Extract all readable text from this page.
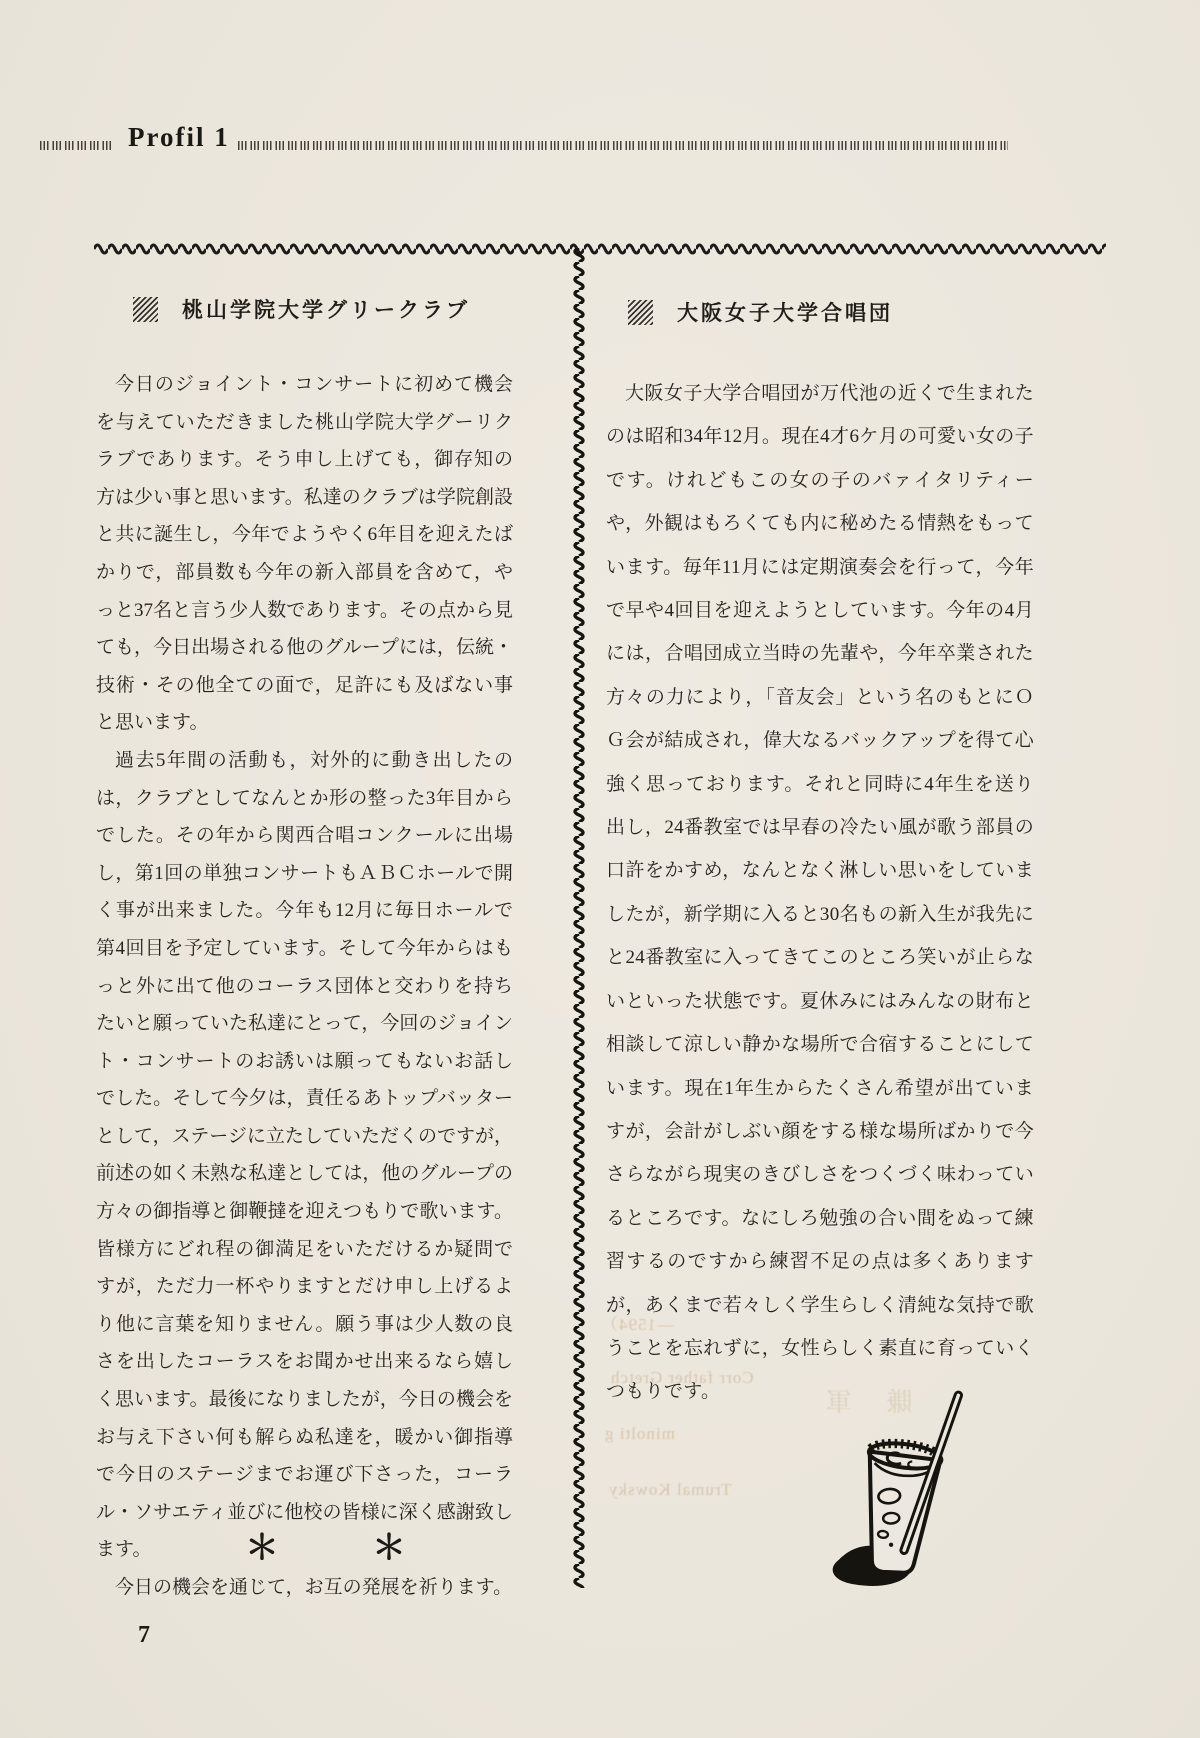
Profil 1
—1594）
Corr father Gretch
minolti g
Trumal Kowsky
賺 軍
桃山学院大学グリークラブ

今日のジョイント・コンサートに初めて機会を与えていただきました桃山学院大学グーリクラブであります。そう申し上げても，御存知の方は少い事と思います。私達のクラブは学院創設と共に誕生し，今年でようやく6年目を迎えたばかりで，部員数も今年の新入部員を含めて，やっと37名と言う少人数であります。その点から見ても，今日出場される他のグループには，伝統・技術・その他全ての面で，足許にも及ばない事と思います。

過去5年間の活動も，対外的に動き出したのは，クラブとしてなんとか形の整った3年目からでした。その年から関西合唱コンクールに出場し，第1回の単独コンサートもＡＢＣホールで開く事が出来ました。今年も12月に毎日ホールで第4回目を予定しています。そして今年からはもっと外に出て他のコーラス団体と交わりを持ちたいと願っていた私達にとって，今回のジョイント・コンサートのお誘いは願ってもないお話しでした。そして今夕は，責任るあトップバッターとして，ステージに立たしていただくのですが，前述の如く未熟な私達としては，他のグループの方々の御指導と御鞭撻を迎えつもりで歌います。皆様方にどれ程の御満足をいただけるか疑問ですが，ただ力一杯やりますとだけ申し上げるより他に言葉を知りません。願う事は少人数の良さを出したコーラスをお聞かせ出来るなら嬉しく思います。最後になりましたが，今日の機会をお与え下さい何も解らぬ私達を，暖かい御指導で今日のステージまでお運び下さった，コーラル・ソサエティ並びに他校の皆様に深く感謝致します。

今日の機会を通じて，お互の発展を祈ります。

＊	＊
大阪女子大学合唱団

大阪女子大学合唱団が万代池の近くで生まれたのは昭和34年12月。現在4才6ケ月の可愛い女の子です。けれどもこの女の子のバァイタリティーや，外観はもろくても内に秘めたる情熱をもっています。毎年11月には定期演奏会を行って，今年で早や4回目を迎えようとしています。今年の4月には，合唱団成立当時の先輩や，今年卒業された方々の力により，「音友会」という名のもとにＯＧ会が結成され，偉大なるバックアップを得て心強く思っております。それと同時に4年生を送り出し，24番教室では早春の冷たい風が歌う部員の口許をかすめ，なんとなく淋しい思いをしていましたが，新学期に入ると30名もの新入生が我先にと24番教室に入ってきてこのところ笑いが止らないといった状態です。夏休みにはみんなの財布と相談して涼しい静かな場所で合宿することにしています。現在1年生からたくさん希望が出ていますが，会計がしぶい顔をする様な場所ばかりで今さらながら現実のきびしさをつくづく味わっているところです。なにしろ勉強の合い間をぬって練習するのですから練習不足の点は多くありますが，あくまで若々しく学生らしく清純な気持で歌うことを忘れずに，女性らしく素直に育っていくつもりです。

7
